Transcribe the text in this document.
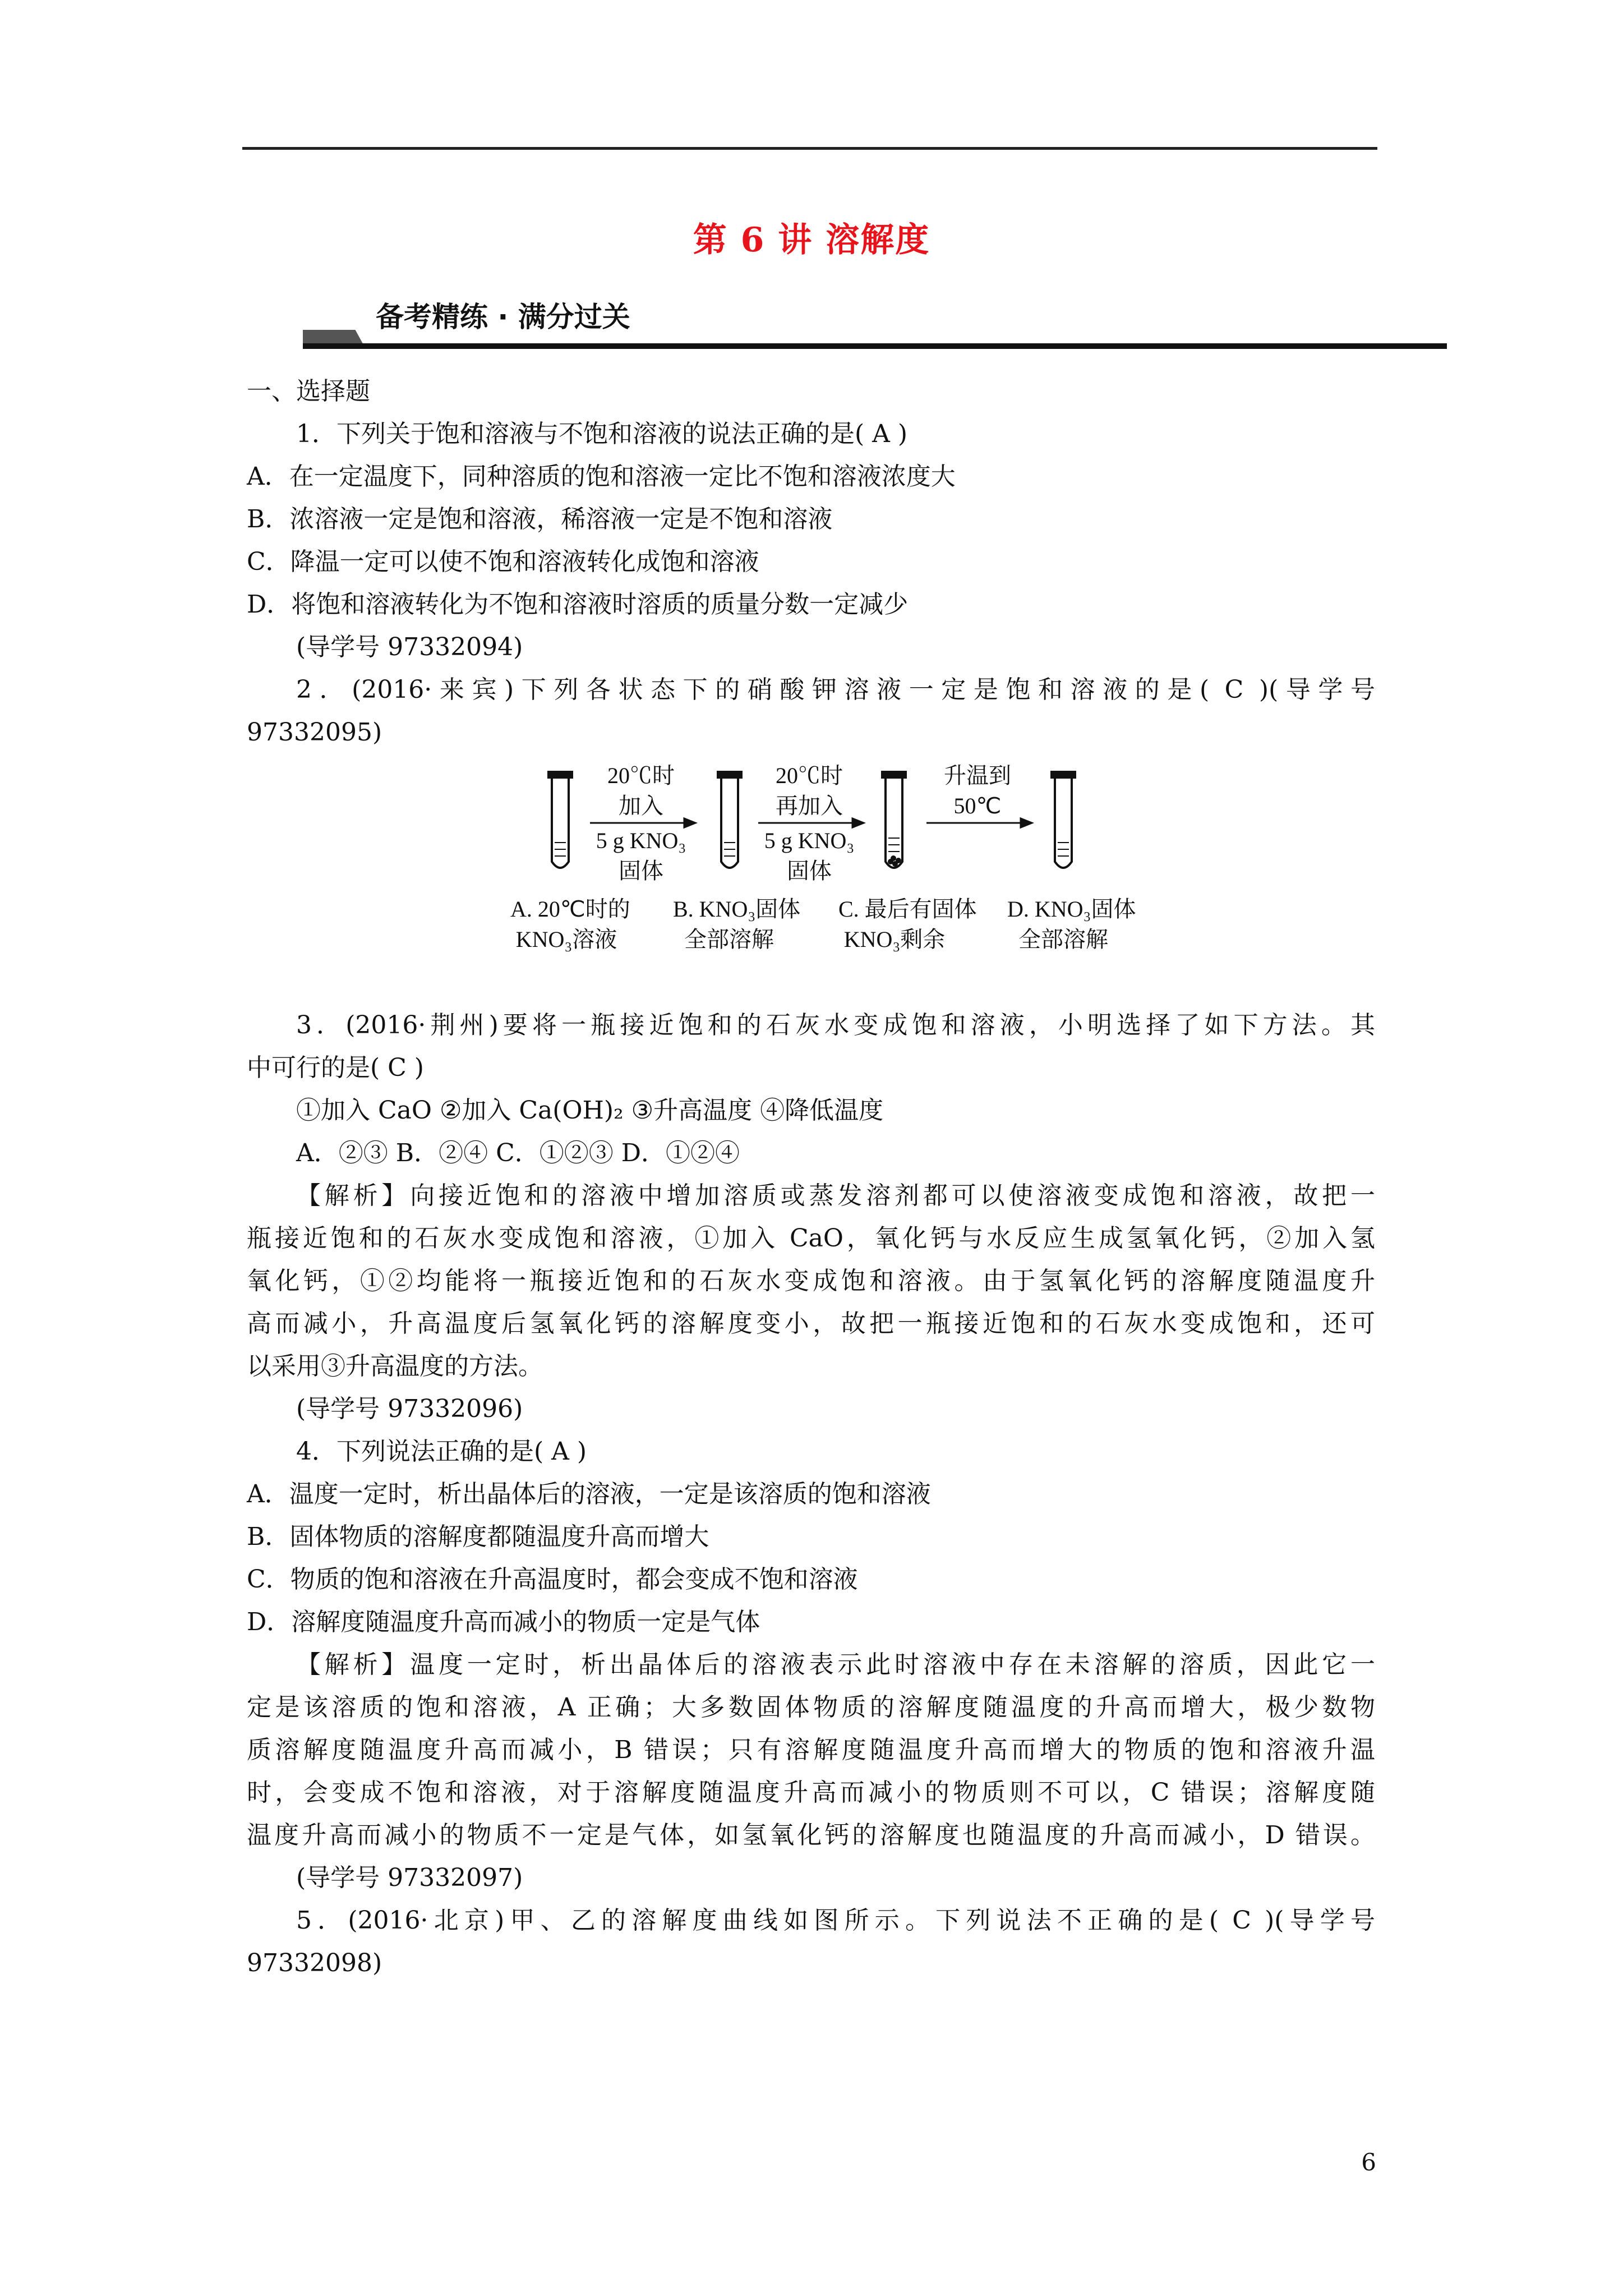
第 6 讲 溶解度
备考精练 · 满分过关
一、选择题
1．下列关于饱和溶液与不饱和溶液的说法正确的是( A )
A．在一定温度下，同种溶质的饱和溶液一定比不饱和溶液浓度大
B．浓溶液一定是饱和溶液，稀溶液一定是不饱和溶液
C．降温一定可以使不饱和溶液转化成饱和溶液
D．将饱和溶液转化为不饱和溶液时溶质的质量分数一定减少
(导学号 97332094)
2．(2016·来宾)下列各状态下的硝酸钾溶液一定是饱和溶液的是( C )(导学号
97332095)
20℃时
加入
5 g KNO₃
固体
20℃时
再加入
5 g KNO₃
固体
升温到
50℃
A. 20℃时的
KNO₃溶液
B. KNO₃固体
全部溶解
C. 最后有固体
KNO₃剩余
D. KNO₃固体
全部溶解
3．(2016·荆州)要将一瓶接近饱和的石灰水变成饱和溶液，小明选择了如下方法。其
中可行的是( C )
①加入 CaO ②加入 Ca(OH)₂ ③升高温度 ④降低温度
A．②③ B．②④ C．①②③ D．①②④
【解析】向接近饱和的溶液中增加溶质或蒸发溶剂都可以使溶液变成饱和溶液，故把一
瓶接近饱和的石灰水变成饱和溶液，①加入 CaO，氧化钙与水反应生成氢氧化钙，②加入氢
氧化钙，①②均能将一瓶接近饱和的石灰水变成饱和溶液。由于氢氧化钙的溶解度随温度升
高而减小，升高温度后氢氧化钙的溶解度变小，故把一瓶接近饱和的石灰水变成饱和，还可
以采用③升高温度的方法。
(导学号 97332096)
4．下列说法正确的是( A )
A．温度一定时，析出晶体后的溶液，一定是该溶质的饱和溶液
B．固体物质的溶解度都随温度升高而增大
C．物质的饱和溶液在升高温度时，都会变成不饱和溶液
D．溶解度随温度升高而减小的物质一定是气体
【解析】温度一定时，析出晶体后的溶液表示此时溶液中存在未溶解的溶质，因此它一
定是该溶质的饱和溶液，A 正确；大多数固体物质的溶解度随温度的升高而增大，极少数物
质溶解度随温度升高而减小，B 错误；只有溶解度随温度升高而增大的物质的饱和溶液升温
时，会变成不饱和溶液，对于溶解度随温度升高而减小的物质则不可以，C 错误；溶解度随
温度升高而减小的物质不一定是气体，如氢氧化钙的溶解度也随温度的升高而减小，D 错误。
(导学号 97332097)
5．(2016·北京)甲、乙的溶解度曲线如图所示。下列说法不正确的是( C )(导学号
97332098)
6
